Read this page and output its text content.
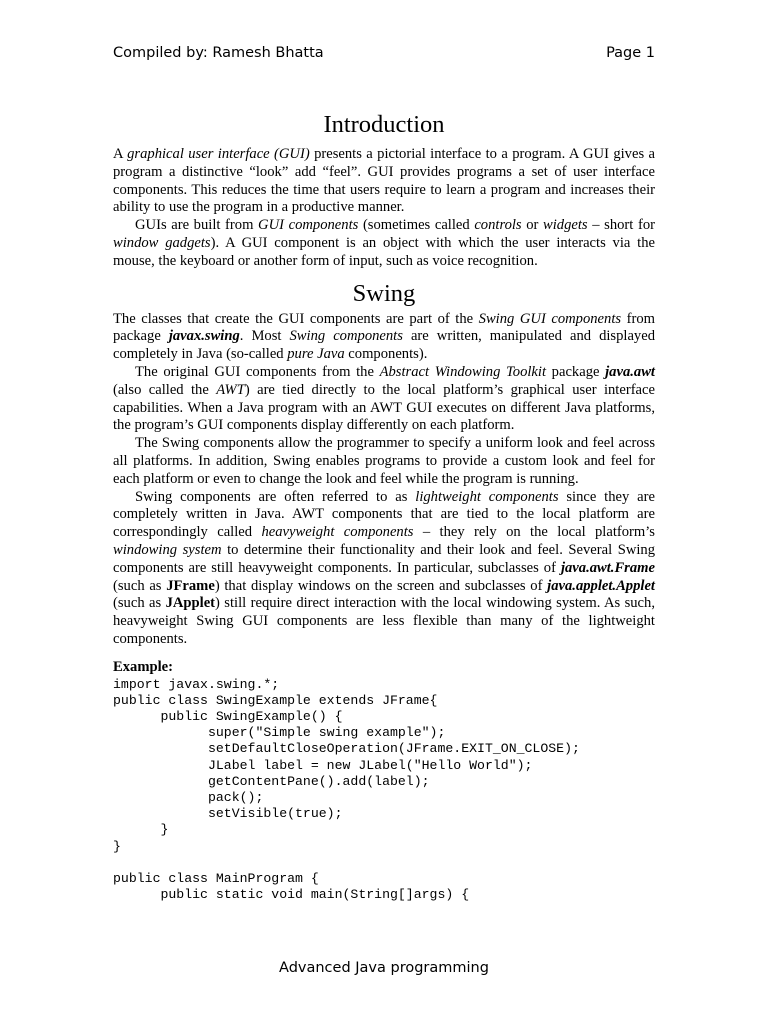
Compiled by: Ramesh Bhatta	Page 1
Introduction

A graphical user interface (GUI) presents a pictorial interface to a program. A GUI gives a program a distinctive “look” add “feel”. GUI provides programs a set of user interface components. This reduces the time that users require to learn a program and increases their ability to use the program in a productive manner.

GUIs are built from GUI components (sometimes called controls or widgets – short for window gadgets). A GUI component is an object with which the user interacts via the mouse, the keyboard or another form of input, such as voice recognition.

Swing

The classes that create the GUI components are part of the Swing GUI components from package javax.swing. Most Swing components are written, manipulated and displayed completely in Java (so-called pure Java components).

The original GUI components from the Abstract Windowing Toolkit package java.awt (also called the AWT) are tied directly to the local platform’s graphical user interface capabilities. When a Java program with an AWT GUI executes on different Java platforms, the program’s GUI components display differently on each platform.

The Swing components allow the programmer to specify a uniform look and feel across all platforms. In addition, Swing enables programs to provide a custom look and feel for each platform or even to change the look and feel while the program is running.

Swing components are often referred to as lightweight components since they are completely written in Java. AWT components that are tied to the local platform are correspondingly called heavyweight components – they rely on the local platform’s windowing system to determine their functionality and their look and feel. Several Swing components are still heavyweight components. In particular, subclasses of java.awt.Frame (such as JFrame) that display windows on the screen and subclasses of java.applet.Applet (such as JApplet) still require direct interaction with the local windowing system. As such, heavyweight Swing GUI components are less flexible than many of the lightweight components.

Example:
import javax.swing.*;
public class SwingExample extends JFrame{
public SwingExample() {
super("Simple swing example");
setDefaultCloseOperation(JFrame.EXIT_ON_CLOSE);
JLabel label = new JLabel("Hello World");
getContentPane().add(label);
pack();
setVisible(true);
}
}

public class MainProgram {
public static void main(String[]args) {
Advanced Java programming
